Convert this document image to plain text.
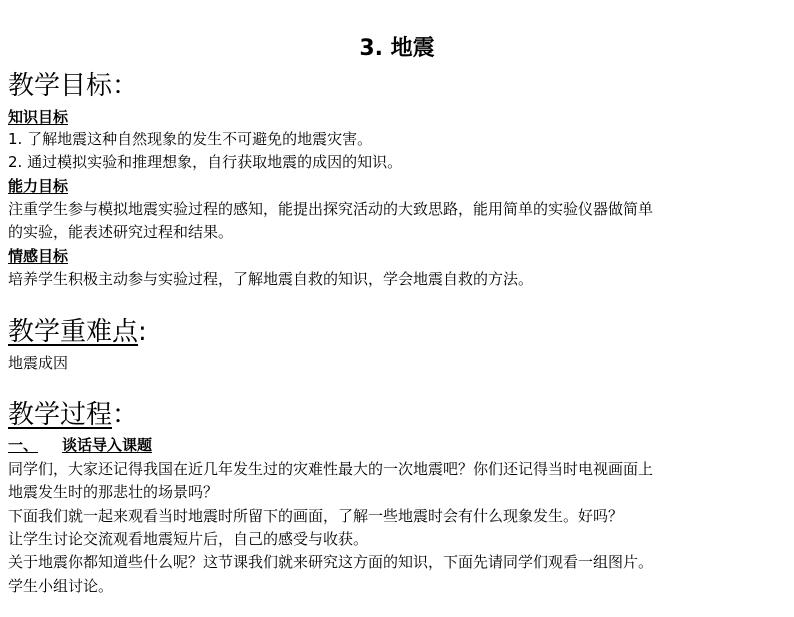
3. 地震
教学目标：
知识目标
1. 了解地震这种自然现象的发生不可避免的地震灾害。
2. 通过模拟实验和推理想象，自行获取地震的成因的知识。
能力目标
注重学生参与模拟地震实验过程的感知，能提出探究活动的大致思路，能用简单的实验仪器做简单
的实验，能表述研究过程和结果。
情感目标
培养学生积极主动参与实验过程，了解地震自救的知识，学会地震自救的方法。
教学重难点:
地震成因
教学过程：
一、 谈话导入课题
同学们，大家还记得我国在近几年发生过的灾难性最大的一次地震吧？你们还记得当时电视画面上
地震发生时的那悲壮的场景吗？
下面我们就一起来观看当时地震时所留下的画面，了解一些地震时会有什么现象发生。好吗？
让学生讨论交流观看地震短片后，自己的感受与收获。
关于地震你都知道些什么呢？这节课我们就来研究这方面的知识，下面先请同学们观看一组图片。
学生小组讨论。
